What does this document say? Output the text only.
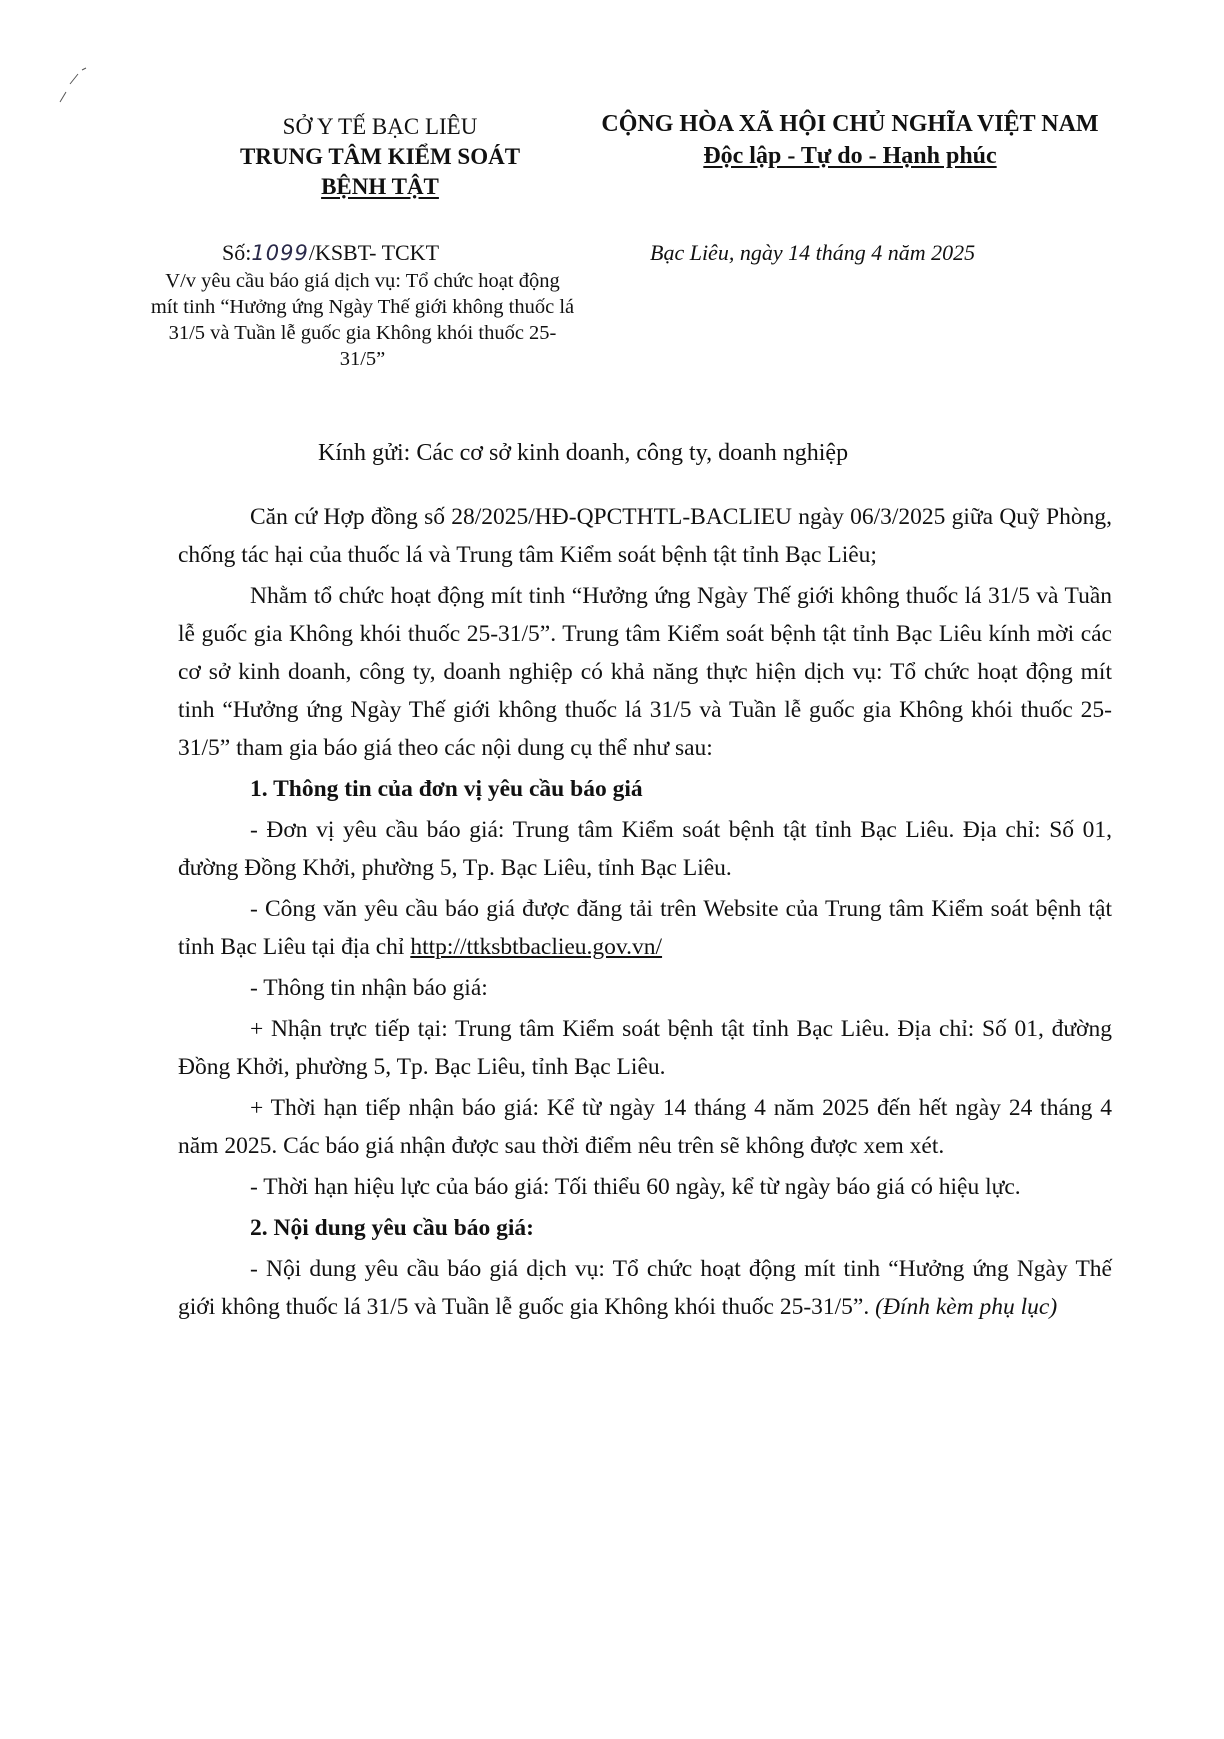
SỞ Y TẾ BẠC LIÊU
TRUNG TÂM KIỂM SOÁT
BỆNH TẬT
CỘNG HÒA XÃ HỘI CHỦ NGHĨA VIỆT NAM
Độc lập - Tự do - Hạnh phúc
Số:1099/KSBT- TCKT
V/v yêu cầu báo giá dịch vụ: Tổ chức hoạt động mít tinh “Hưởng ứng Ngày Thế giới không thuốc lá 31/5 và Tuần lễ guốc gia Không khói thuốc 25-31/5”
Bạc Liêu, ngày 14 tháng 4 năm 2025
Kính gửi: Các cơ sở kinh doanh, công ty, doanh nghiệp

Căn cứ Hợp đồng số 28/2025/HĐ-QPCTHTL-BACLIEU ngày 06/3/2025 giữa Quỹ Phòng, chống tác hại của thuốc lá và Trung tâm Kiểm soát bệnh tật tỉnh Bạc Liêu;

Nhằm tổ chức hoạt động mít tinh “Hưởng ứng Ngày Thế giới không thuốc lá 31/5 và Tuần lễ guốc gia Không khói thuốc 25-31/5”. Trung tâm Kiểm soát bệnh tật tỉnh Bạc Liêu kính mời các cơ sở kinh doanh, công ty, doanh nghiệp có khả năng thực hiện dịch vụ: Tổ chức hoạt động mít tinh “Hưởng ứng Ngày Thế giới không thuốc lá 31/5 và Tuần lễ guốc gia Không khói thuốc 25-31/5” tham gia báo giá theo các nội dung cụ thể như sau:

1. Thông tin của đơn vị yêu cầu báo giá

- Đơn vị yêu cầu báo giá: Trung tâm Kiểm soát bệnh tật tỉnh Bạc Liêu. Địa chỉ: Số 01, đường Đồng Khởi, phường 5, Tp. Bạc Liêu, tỉnh Bạc Liêu.

- Công văn yêu cầu báo giá được đăng tải trên Website của Trung tâm Kiểm soát bệnh tật tỉnh Bạc Liêu tại địa chỉ http://ttksbtbaclieu.gov.vn/

- Thông tin nhận báo giá:

+ Nhận trực tiếp tại: Trung tâm Kiểm soát bệnh tật tỉnh Bạc Liêu. Địa chỉ: Số 01, đường Đồng Khởi, phường 5, Tp. Bạc Liêu, tỉnh Bạc Liêu.

+ Thời hạn tiếp nhận báo giá: Kể từ ngày 14 tháng 4 năm 2025 đến hết ngày 24 tháng 4 năm 2025. Các báo giá nhận được sau thời điểm nêu trên sẽ không được xem xét.

- Thời hạn hiệu lực của báo giá: Tối thiểu 60 ngày, kể từ ngày báo giá có hiệu lực.

2. Nội dung yêu cầu báo giá:

- Nội dung yêu cầu báo giá dịch vụ: Tổ chức hoạt động mít tinh “Hưởng ứng Ngày Thế giới không thuốc lá 31/5 và Tuần lễ guốc gia Không khói thuốc 25-31/5”. (Đính kèm phụ lục)
